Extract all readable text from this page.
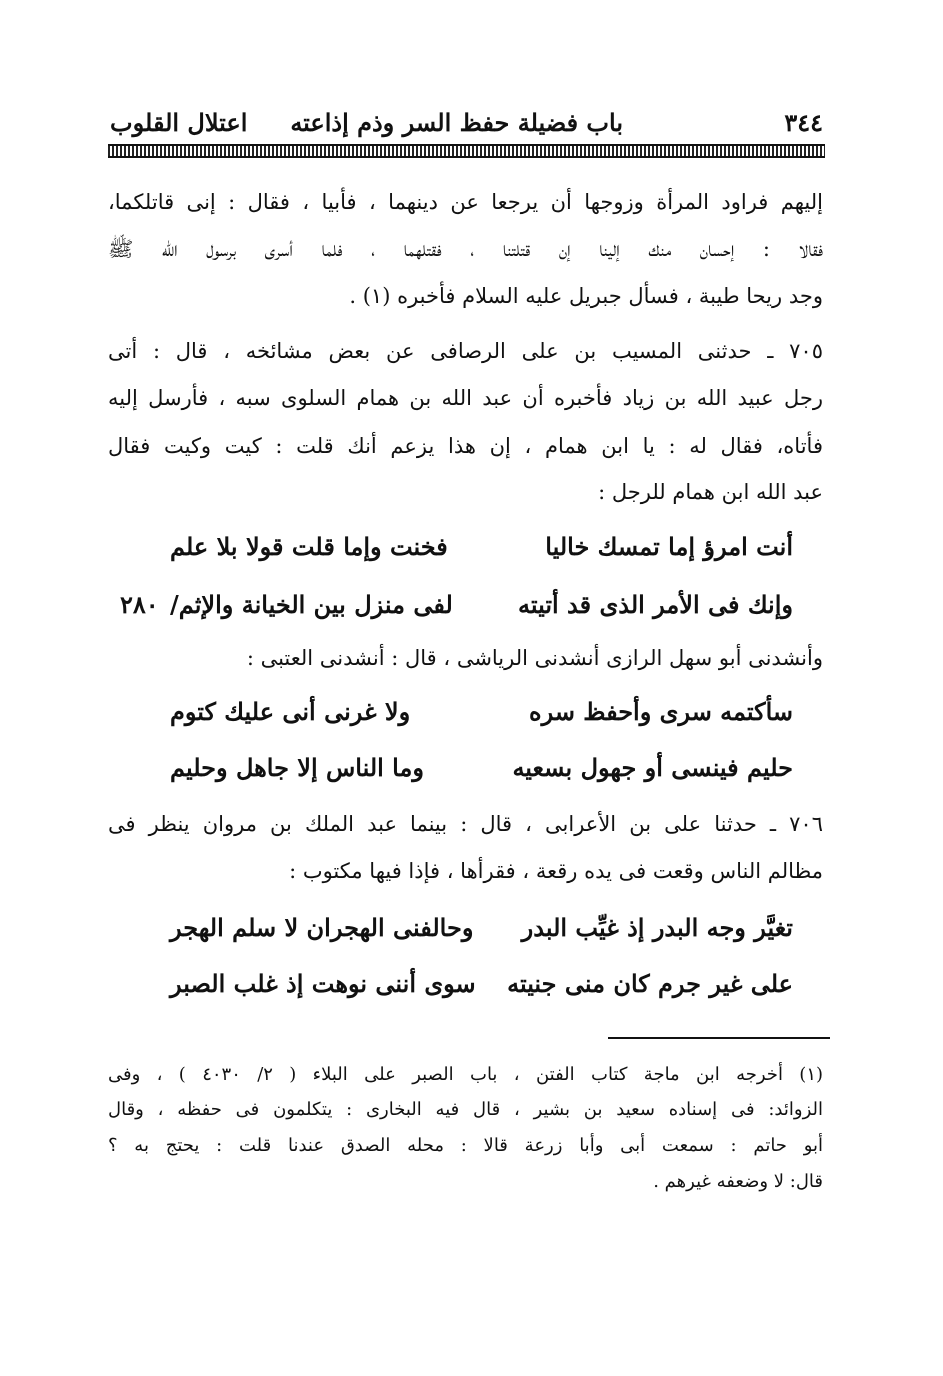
٣٤٤
باب فضيلة حفظ السر وذم إذاعته
اعتلال القلوب
إليهم فراود المرأة وزوجها أن يرجعا عن دينهما ، فأبيا ، فقال : إنى قاتلكما،
فقالا : إحسان منك إلينا إن قتلتنا ، فقتلهما ، فلما أسرى برسول الله ﷺ
وجد ريحا طيبة ، فسأل جبريل عليه السلام فأخبره (١) .
٧٠٥ ـ حدثنى المسيب بن على الرصافى عن بعض مشائخه ، قال : أتى
رجل عبيد الله بن زياد فأخبره أن عبد الله بن همام السلوى سبه ، فأرسل إليه
فأتاه، فقال له : يا ابن همام ، إن هذا يزعم أنك قلت : كيت وكيت فقال
عبد الله ابن همام للرجل :
أنت امرؤ إما تمسك خاليا
فخنت وإما قلت قولا بلا علم
وإنك فى الأمر الذى قد أتيته
لفى منزل بين الخيانة والإثم/
٢٨٠
وأنشدنى أبو سهل الرازى أنشدنى الرياشى ، قال : أنشدنى العتبى :
سأكتمه سرى وأحفظ سره
ولا غرنى أنى عليك كتوم
حليم فينسى أو جهول بسعيه
وما الناس إلا جاهل وحليم
٧٠٦ ـ حدثنا على بن الأعرابى ، قال : بينما عبد الملك بن مروان ينظر فى
مظالم الناس وقعت فى يده رقعة ، فقرأها ، فإذا فيها مكتوب :
تغيَّر وجه البدر إذ غيِّب البدر
وحالفنى الهجران لا سلم الهجر
على غير جرم كان منى جنيته
سوى أننى نوهت إذ غلب الصبر
(١) أخرجه ابن ماجة كتاب الفتن ، باب الصبر على البلاء ( ٢/ ٤٠٣٠ ) ، وفى
الزوائد: فى إسناده سعيد بن بشير ، قال فيه البخارى : يتكلمون فى حفظه ، وقال
أبو حاتم : سمعت أبى وأبا زرعة قالا : محله الصدق عندنا قلت : يحتج به ؟
قال: لا وضعفه غيرهم .
